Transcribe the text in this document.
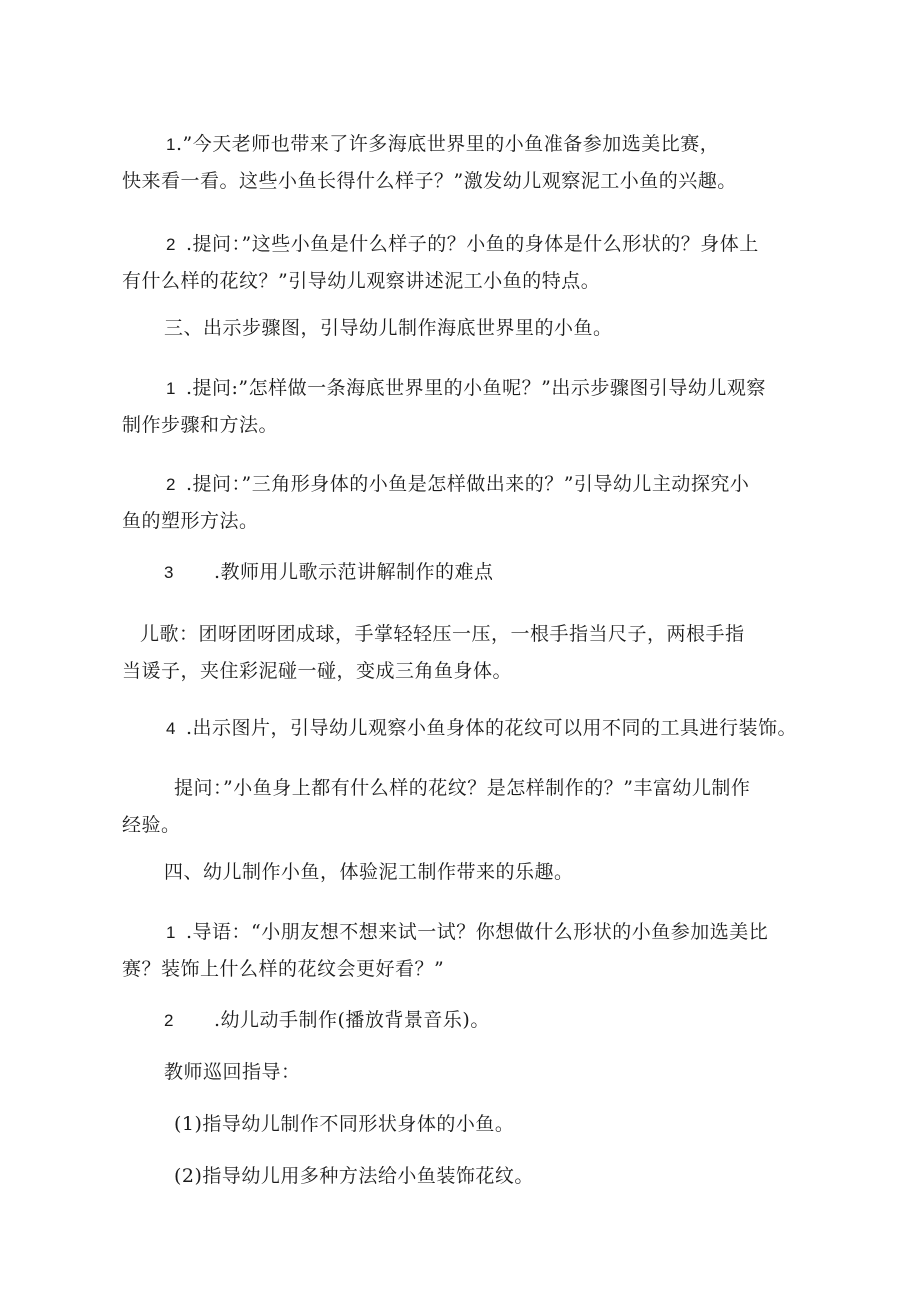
1.”今天老师也带来了许多海底世界里的小鱼准备参加选美比赛，
快来看一看。这些小鱼长得什么样子？”激发幼儿观察泥工小鱼的兴趣。
2 .提问：”这些小鱼是什么样子的？小鱼的身体是什么形状的？身体上
有什么样的花纹？”引导幼儿观察讲述泥工小鱼的特点。
三、出示步骤图，引导幼儿制作海底世界里的小鱼。
1 .提问:”怎样做一条海底世界里的小鱼呢？”出示步骤图引导幼儿观察
制作步骤和方法。
2 .提问：”三角形身体的小鱼是怎样做出来的？”引导幼儿主动探究小
鱼的塑形方法。
3 .教师用儿歌示范讲解制作的难点
儿歌：团呀团呀团成球，手掌轻轻压一压，一根手指当尺子，两根手指
当谖子，夹住彩泥碰一碰，变成三角鱼身体。
4 .出示图片，引导幼儿观察小鱼身体的花纹可以用不同的工具进行装饰。
提问：”小鱼身上都有什么样的花纹？是怎样制作的？”丰富幼儿制作
经验。
四、幼儿制作小鱼，体验泥工制作带来的乐趣。
1 .导语：“小朋友想不想来试一试？你想做什么形状的小鱼参加选美比
赛？装饰上什么样的花纹会更好看？”
2 .幼儿动手制作(播放背景音乐)。
教师巡回指导：
(1)指导幼儿制作不同形状身体的小鱼。
(2)指导幼儿用多种方法给小鱼装饰花纹。
